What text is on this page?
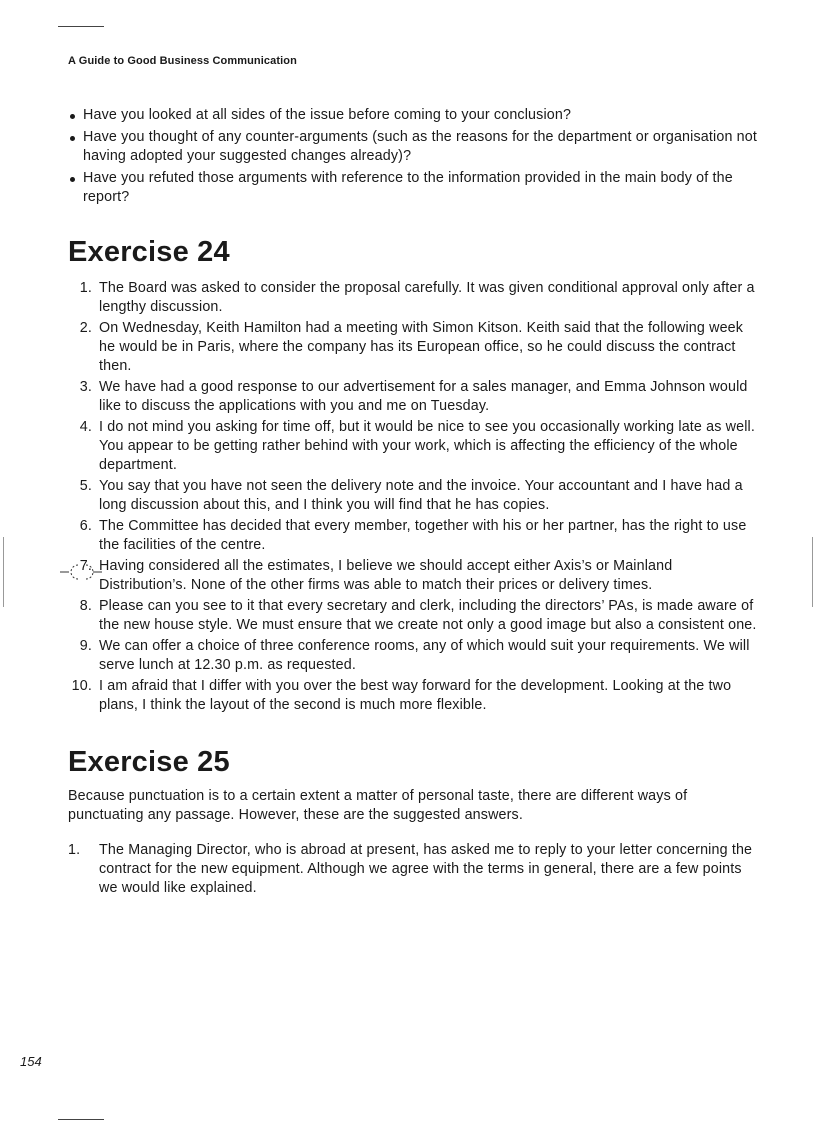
A Guide to Good Business Communication
Have you looked at all sides of the issue before coming to your conclusion?
Have you thought of any counter-arguments (such as the reasons for the department or organisation not having adopted your suggested changes already)?
Have you refuted those arguments with reference to the information provided in the main body of the report?
Exercise 24
1. The Board was asked to consider the proposal carefully. It was given conditional approval only after a lengthy discussion.
2. On Wednesday, Keith Hamilton had a meeting with Simon Kitson. Keith said that the following week he would be in Paris, where the company has its European office, so he could discuss the contract then.
3. We have had a good response to our advertisement for a sales manager, and Emma Johnson would like to discuss the applications with you and me on Tuesday.
4. I do not mind you asking for time off, but it would be nice to see you occasionally working late as well. You appear to be getting rather behind with your work, which is affecting the efficiency of the whole department.
5. You say that you have not seen the delivery note and the invoice. Your accountant and I have had a long discussion about this, and I think you will find that he has copies.
6. The Committee has decided that every member, together with his or her partner, has the right to use the facilities of the centre.
7. Having considered all the estimates, I believe we should accept either Axis’s or Mainland Distribution’s. None of the other firms was able to match their prices or delivery times.
8. Please can you see to it that every secretary and clerk, including the directors’ PAs, is made aware of the new house style. We must ensure that we create not only a good image but also a consistent one.
9. We can offer a choice of three conference rooms, any of which would suit your requirements. We will serve lunch at 12.30 p.m. as requested.
10. I am afraid that I differ with you over the best way forward for the development. Looking at the two plans, I think the layout of the second is much more flexible.
Exercise 25

Because punctuation is to a certain extent a matter of personal taste, there are different ways of punctuating any passage. However, these are the suggested answers.

1.	The Managing Director, who is abroad at present, has asked me to reply to your letter concerning the contract for the new equipment. Although we agree with the terms in general, there are a few points we would like explained.
154
